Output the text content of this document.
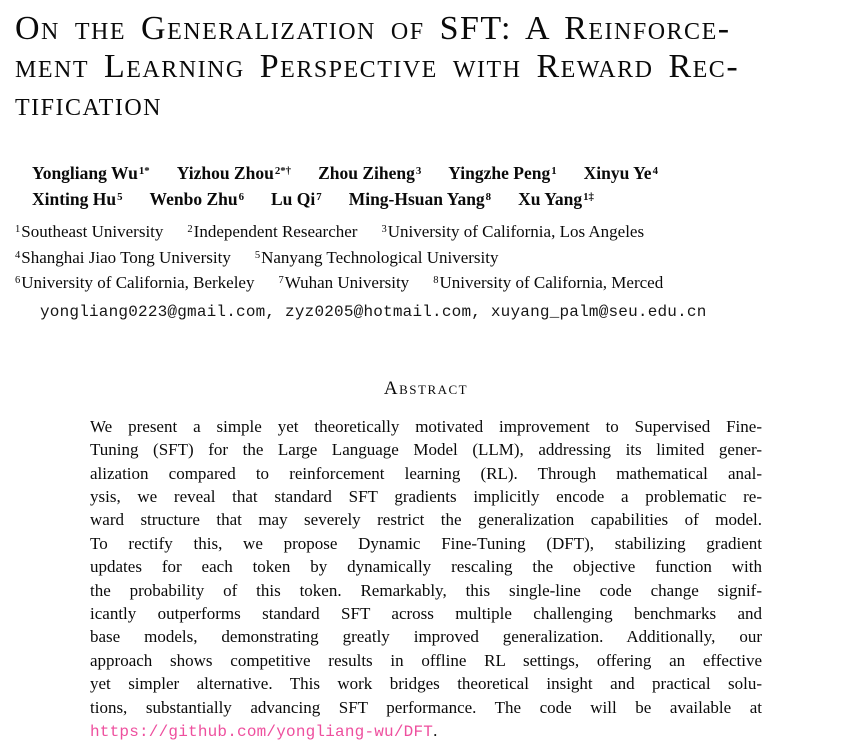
On the Generalization of SFT: A Reinforce-
ment Learning Perspective with Reward Rec-
tification
Yongliang $Wu^{1*}$ Yizhou Zhou$^{2*\dagger}$ Zhou Ziheng$^3$ Yingzhe Peng$^1$ Xinyu Ye$^4$
Xinting Hu$^5$ Wenbo Zhu$^6$ Lu Qi$^7$ Ming-Hsuan Yang$^8$ Xu Yang$^{1\ddagger}$
$^1$Southeast University $^2$Independent Researcher $^3$University of California, Los Angeles
$^4$Shanghai Jiao Tong University $^5$Nanyang Technological University
$^6$University of California, Berkeley $^7$Wuhan University $^8$University of California, Merced
yongliang0223@gmail.com, zyz0205@hotmail.com, xuyang_palm@seu.edu.cn
Abstract
We present a simple yet theoretically motivated improvement to Supervised Fine-
Tuning (SFT) for the Large Language Model (LLM), addressing its limited gener-
alization compared to reinforcement learning (RL). Through mathematical anal-
ysis, we reveal that standard SFT gradients implicitly encode a problematic re-
ward structure that may severely restrict the generalization capabilities of model.
To rectify this, we propose Dynamic Fine-Tuning (DFT), stabilizing gradient
updates for each token by dynamically rescaling the objective function with
the probability of this token. Remarkably, this single-line code change signif-
icantly outperforms standard SFT across multiple challenging benchmarks and
base models, demonstrating greatly improved generalization. Additionally, our
approach shows competitive results in offline RL settings, offering an effective
yet simpler alternative. This work bridges theoretical insight and practical solu-
tions, substantially advancing SFT performance. The code will be available at
https://github.com/yongliang-wu/DFT.
